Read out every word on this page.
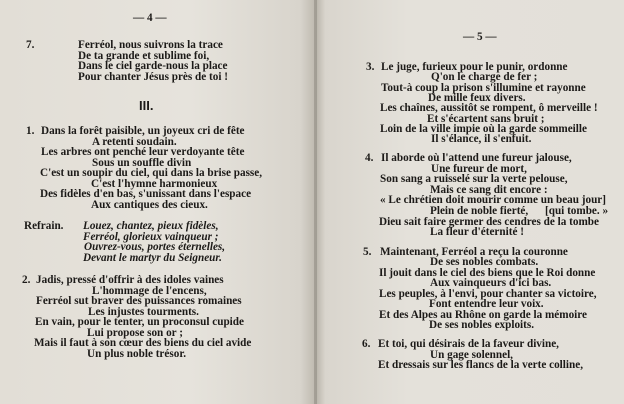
— 4 —
7.	Ferréol, nous suivrons la trace
De ta grande et sublime foi,
Dans le ciel garde-nous la place
Pour chanter Jésus près de toi !
III.
1. Dans la forêt paisible, un joyeux cri de fête
A retenti soudain.
Les arbres ont penché leur verdoyante tête
Sous un souffle divin
C'est un soupir du ciel, qui dans la brise passe,
C'est l'hymne harmonieux
Des fidèles d'en bas, s'unissant dans l'espace
Aux cantiques des cieux.
Refrain. Louez, chantez, pieux fidèles,
Ferréol, glorieux vainqueur ;
Ouvrez-vous, portes éternelles,
Devant le martyr du Seigneur.
2. Jadis, pressé d'offrir à des idoles vaines
L'hommage de l'encens,
Ferréol sut braver des puissances romaines
Les injustes tourments.
En vain, pour le tenter, un proconsul cupide
Lui propose son or ;
Mais il faut à son cœur des biens du ciel avide
Un plus noble trésor.
— 5 —
3. Le juge, furieux pour le punir, ordonne
Q'on le charge de fer ;
Tout-à coup la prison s'illumine et rayonne
De mille feux divers.
Les chaînes, aussitôt se rompent, ô merveille !
Et s'écartent sans bruit ;
Loin de la ville impie où la garde sommeille
Il s'élance, il s'enfuit.
4. Il aborde où l'attend une fureur jalouse,
Une fureur de mort,
Son sang a ruisselé sur la verte pelouse,
Mais ce sang dit encore :
« Le chrétien doit mourir comme un beau jour]
Plein de noble fierté,
Dieu sait faire germer des cendres de la tombe
La fleur d'éternité !
[qui tombe. »
5. Maintenant, Ferréol a reçu la couronne
De ses nobles combats.
Il jouit dans le ciel des biens que le Roi donne
Aux vainqueurs d'ici bas.
Les peuples, à l'envi, pour chanter sa victoire,
Font entendre leur voix.
Et des Alpes au Rhône on garde la mémoire
De ses nobles exploits.
6. Et toi, qui désirais de la faveur divine,
Un gage solennel,
Et dressais sur les flancs de la verte colline,
